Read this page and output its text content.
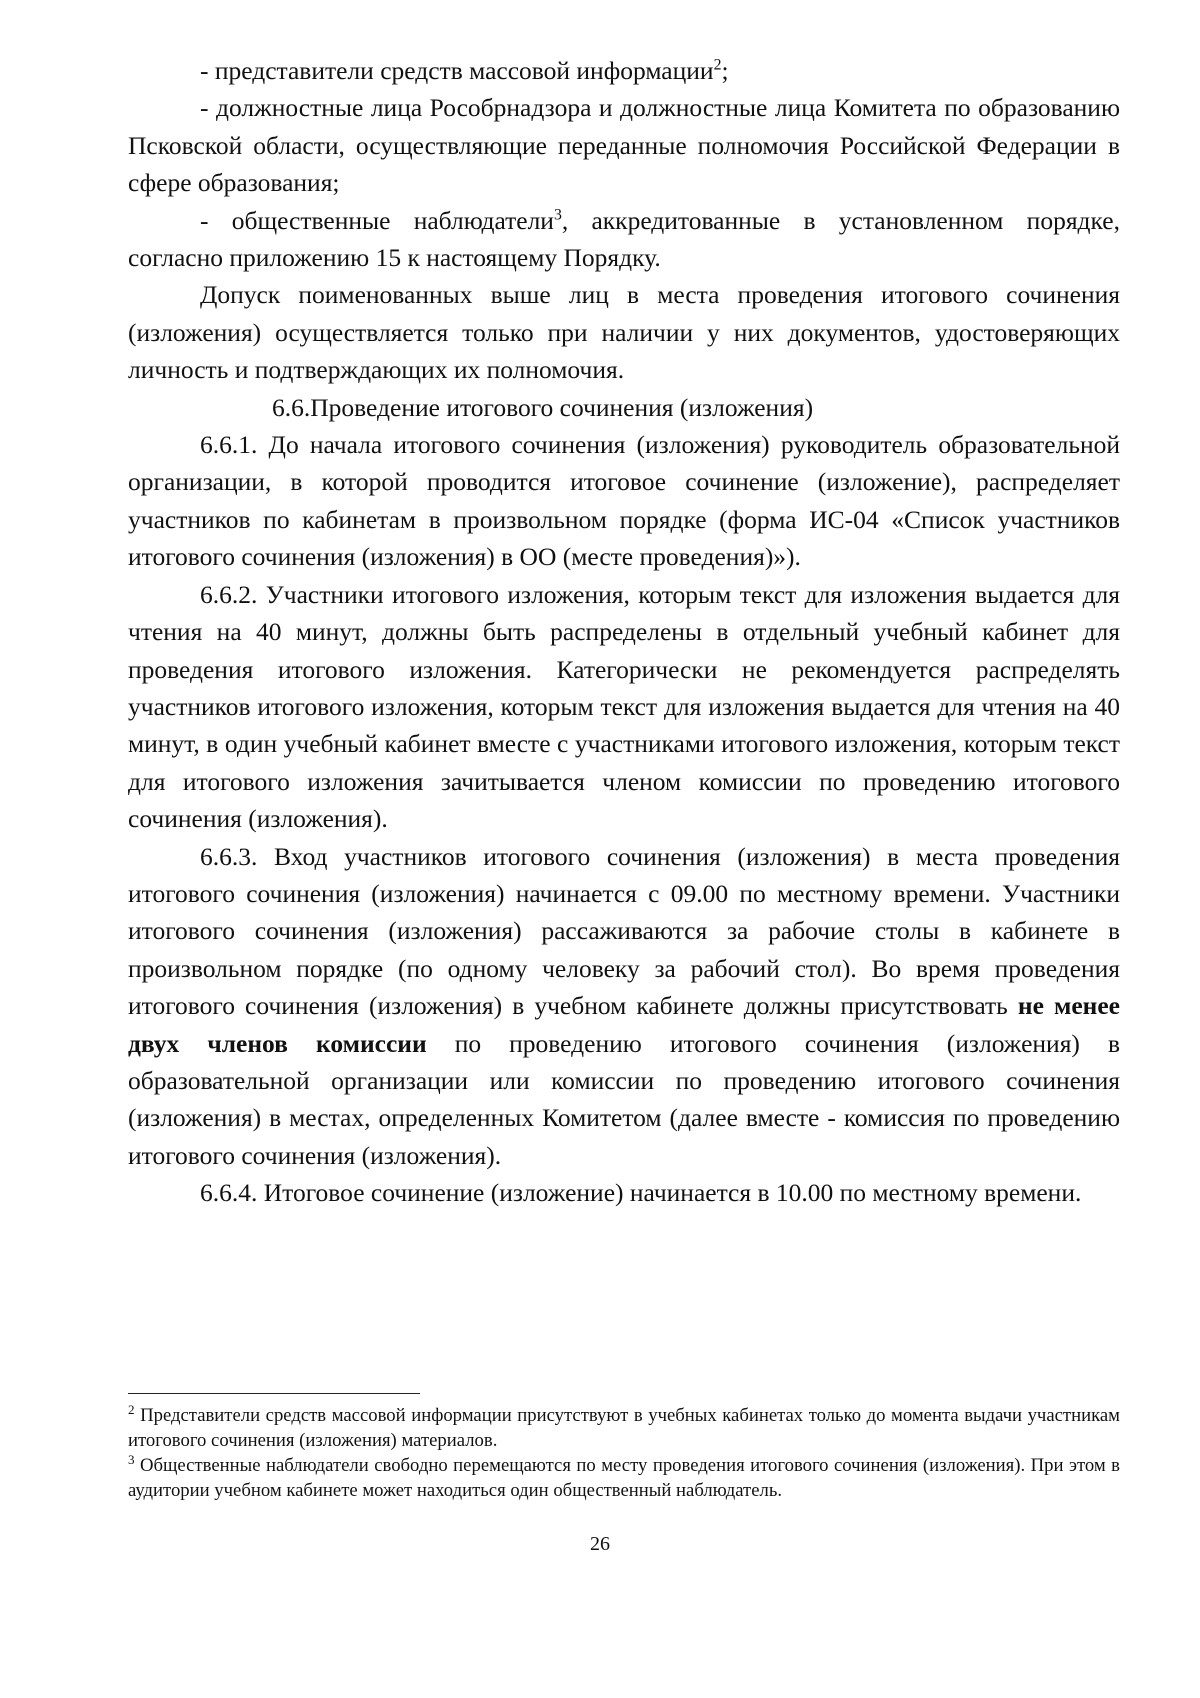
- представители средств массовой информации$^2$;

- должностные лица Рособрнадзора и должностные лица Комитета по образованию Псковской области, осуществляющие переданные полномочия Российской Федерации в сфере образования;

- общественные наблюдатели$^3$, аккредитованные в установленном порядке, согласно приложению 15 к настоящему Порядку.

Допуск поименованных выше лиц в места проведения итогового сочинения (изложения) осуществляется только при наличии у них документов, удостоверяющих личность и подтверждающих их полномочия.

6.6.Проведение итогового сочинения (изложения)

6.6.1. До начала итогового сочинения (изложения) руководитель образовательной организации, в которой проводится итоговое сочинение (изложение), распределяет участников по кабинетам в произвольном порядке (форма ИС-04 «Список участников итогового сочинения (изложения) в ОО (месте проведения)»).

6.6.2. Участники итогового изложения, которым текст для изложения выдается для чтения на 40 минут, должны быть распределены в отдельный учебный кабинет для проведения итогового изложения. Категорически не рекомендуется распределять участников итогового изложения, которым текст для изложения выдается для чтения на 40 минут, в один учебный кабинет вместе с участниками итогового изложения, которым текст для итогового изложения зачитывается членом комиссии по проведению итогового сочинения (изложения).

6.6.3. Вход участников итогового сочинения (изложения) в места проведения итогового сочинения (изложения) начинается с 09.00 по местному времени. Участники итогового сочинения (изложения) рассаживаются за рабочие столы в кабинете в произвольном порядке (по одному человеку за рабочий стол). Во время проведения итогового сочинения (изложения) в учебном кабинете должны присутствовать не менее двух членов комиссии по проведению итогового сочинения (изложения) в образовательной организации или комиссии по проведению итогового сочинения (изложения) в местах, определенных Комитетом (далее вместе - комиссия по проведению итогового сочинения (изложения).

6.6.4. Итоговое сочинение (изложение) начинается в 10.00 по местному времени.

$^2$ Представители средств массовой информации присутствуют в учебных кабинетах только до момента выдачи участникам итогового сочинения (изложения) материалов.

$^3$ Общественные наблюдатели свободно перемещаются по месту проведения итогового сочинения (изложения). При этом в аудитории учебном кабинете может находиться один общественный наблюдатель.

26
